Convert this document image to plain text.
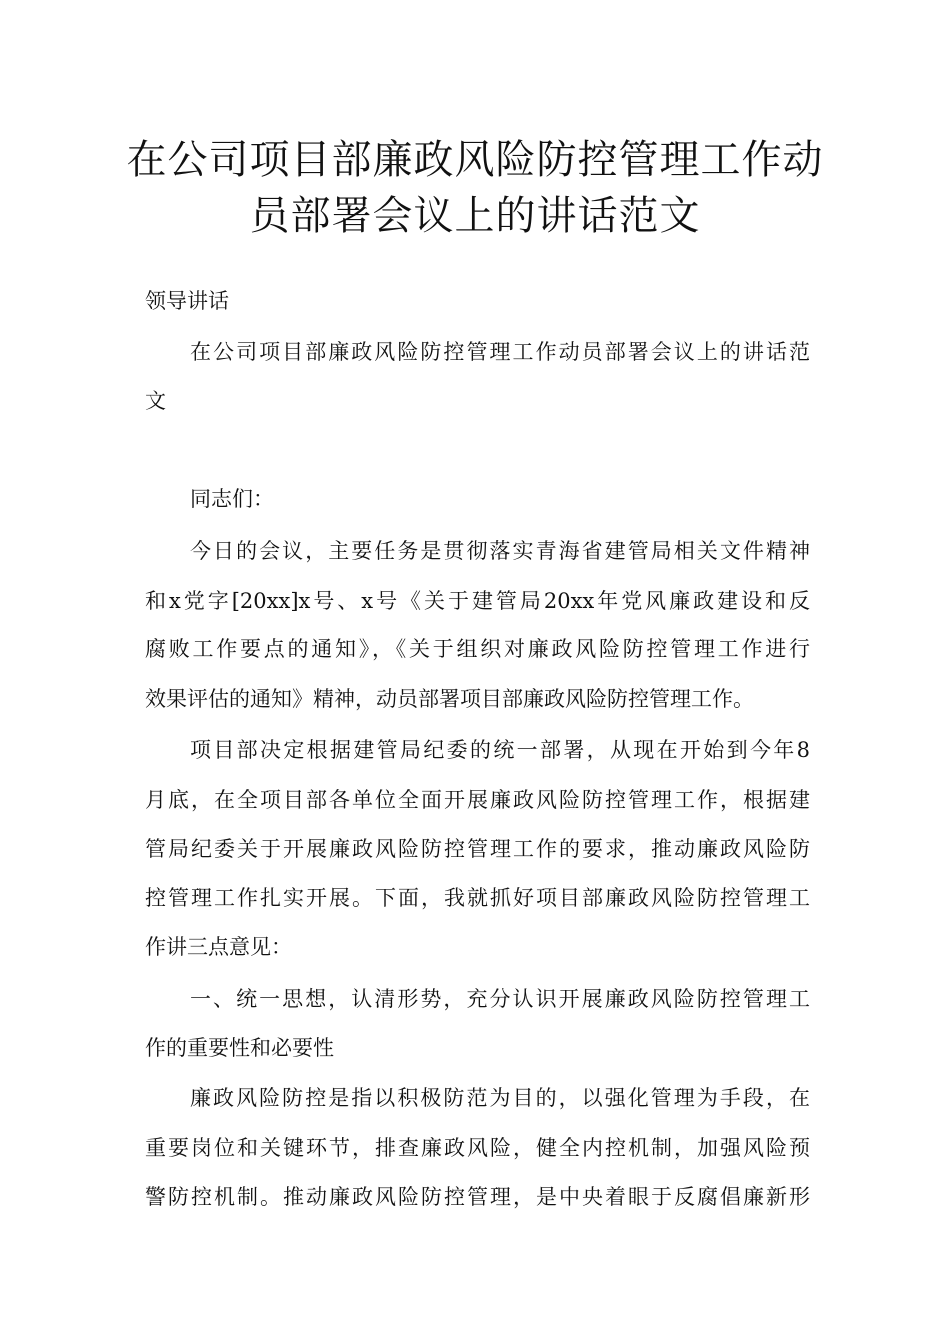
在公司项目部廉政风险防控管理工作动
员部署会议上的讲话范文

领导讲话

在公司项目部廉政风险防控管理工作动员部署会议上的讲话范

文

同志们：

今日的会议，主要任务是贯彻落实青海省建管局相关文件精神

和x党字[20xx]x号、x号《关于建管局20xx年党风廉政建设和反

腐败工作要点的通知》，《关于组织对廉政风险防控管理工作进行

效果评估的通知》精神，动员部署项目部廉政风险防控管理工作。

项目部决定根据建管局纪委的统一部署，从现在开始到今年8

月底，在全项目部各单位全面开展廉政风险防控管理工作，根据建

管局纪委关于开展廉政风险防控管理工作的要求，推动廉政风险防

控管理工作扎实开展。下面，我就抓好项目部廉政风险防控管理工

作讲三点意见：

一、统一思想，认清形势，充分认识开展廉政风险防控管理工

作的重要性和必要性

廉政风险防控是指以积极防范为目的，以强化管理为手段，在

重要岗位和关键环节，排查廉政风险，健全内控机制，加强风险预

警防控机制。推动廉政风险防控管理，是中央着眼于反腐倡廉新形
